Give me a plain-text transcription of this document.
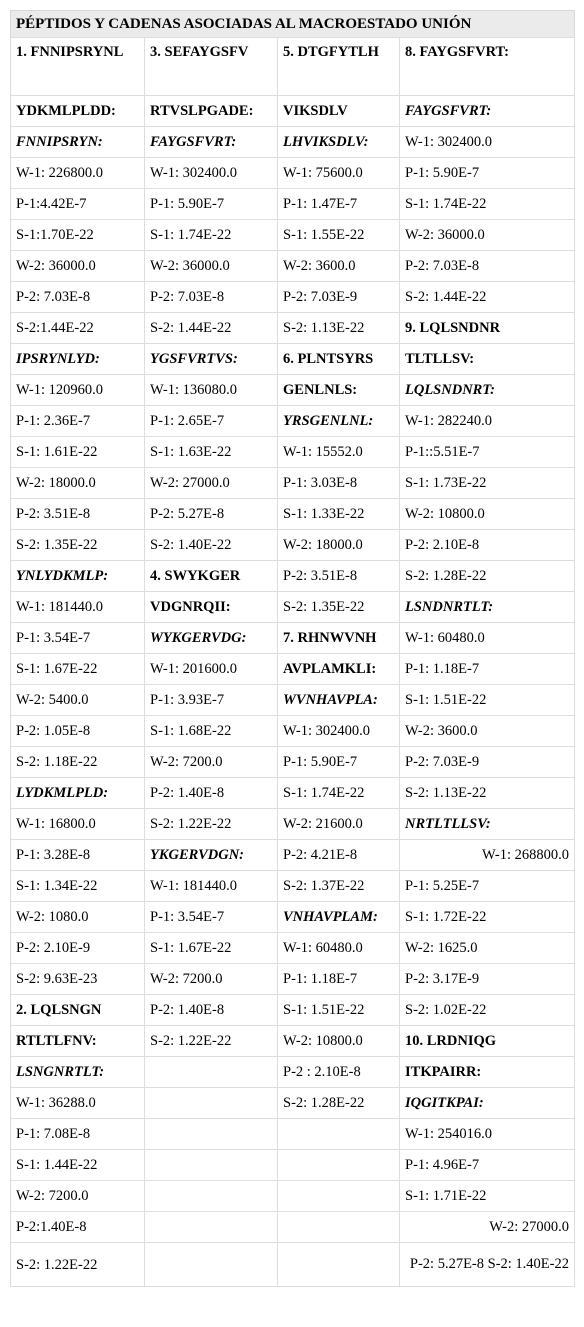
PÉPTIDOS Y CADENAS ASOCIADAS AL MACROESTADO UNIÓN
1. FNNIPSRYNL	3. SEFAYGSFV	5. DTGFYTLH	8. FAYGSFVRT:
YDKMLPLDD:	RTVSLPGADE:	VIKSDLV	FAYGSFVRT:
FNNIPSRYN:	FAYGSFVRT:	LHVIKSDLV:	W-1: 302400.0
W-1: 226800.0	W-1: 302400.0	W-1: 75600.0	P-1: 5.90E-7
P-1:4.42E-7	P-1: 5.90E-7	P-1: 1.47E-7	S-1: 1.74E-22
S-1:1.70E-22	S-1: 1.74E-22	S-1: 1.55E-22	W-2: 36000.0
W-2: 36000.0	W-2: 36000.0	W-2: 3600.0	P-2: 7.03E-8
P-2: 7.03E-8	P-2: 7.03E-8	P-2: 7.03E-9	S-2: 1.44E-22
S-2:1.44E-22	S-2: 1.44E-22	S-2: 1.13E-22	9. LQLSNDNR
IPSRYNLYD:	YGSFVRTVS:	6. PLNTSYRS	TLTLLSV:
W-1: 120960.0	W-1: 136080.0	GENLNLS:	LQLSNDNRT:
P-1: 2.36E-7	P-1: 2.65E-7	YRSGENLNL:	W-1: 282240.0
S-1: 1.61E-22	S-1: 1.63E-22	W-1: 15552.0	P-1::5.51E-7
W-2: 18000.0	W-2: 27000.0	P-1: 3.03E-8	S-1: 1.73E-22
P-2: 3.51E-8	P-2: 5.27E-8	S-1: 1.33E-22	W-2: 10800.0
S-2: 1.35E-22	S-2: 1.40E-22	W-2: 18000.0	P-2: 2.10E-8
YNLYDKMLP:	4. SWYKGER	P-2: 3.51E-8	S-2: 1.28E-22
W-1: 181440.0	VDGNRQII:	S-2: 1.35E-22	LSNDNRTLT:
P-1: 3.54E-7	WYKGERVDG:	7. RHNWVNH	W-1: 60480.0
S-1: 1.67E-22	W-1: 201600.0	AVPLAMKLI:	P-1: 1.18E-7
W-2: 5400.0	P-1: 3.93E-7	WVNHAVPLA:	S-1: 1.51E-22
P-2: 1.05E-8	S-1: 1.68E-22	W-1: 302400.0	W-2: 3600.0
S-2: 1.18E-22	W-2: 7200.0	P-1: 5.90E-7	P-2: 7.03E-9
LYDKMLPLD:	P-2: 1.40E-8	S-1: 1.74E-22	S-2: 1.13E-22
W-1: 16800.0	S-2: 1.22E-22	W-2: 21600.0	NRTLTLLSV:
P-1: 3.28E-8	YKGERVDGN:	P-2: 4.21E-8	W-1: 268800.0
S-1: 1.34E-22	W-1: 181440.0	S-2: 1.37E-22	P-1: 5.25E-7
W-2: 1080.0	P-1: 3.54E-7	VNHAVPLAM:	S-1: 1.72E-22
P-2: 2.10E-9	S-1: 1.67E-22	W-1: 60480.0	W-2: 1625.0
S-2: 9.63E-23	W-2: 7200.0	P-1: 1.18E-7	P-2: 3.17E-9
2. LQLSNGN	P-2: 1.40E-8	S-1: 1.51E-22	S-2: 1.02E-22
RTLTLFNV:	S-2: 1.22E-22	W-2: 10800.0	10. LRDNIQG
LSNGNRTLT:		P-2 : 2.10E-8	ITKPAIRR:
W-1: 36288.0		S-2: 1.28E-22	IQGITKPAI:
P-1: 7.08E-8			W-1: 254016.0
S-1: 1.44E-22			P-1: 4.96E-7
W-2: 7200.0			S-1: 1.71E-22
P-2:1.40E-8			W-2: 27000.0
S-2: 1.22E-22			P-2: 5.27E-8 S-2: 1.40E-22
